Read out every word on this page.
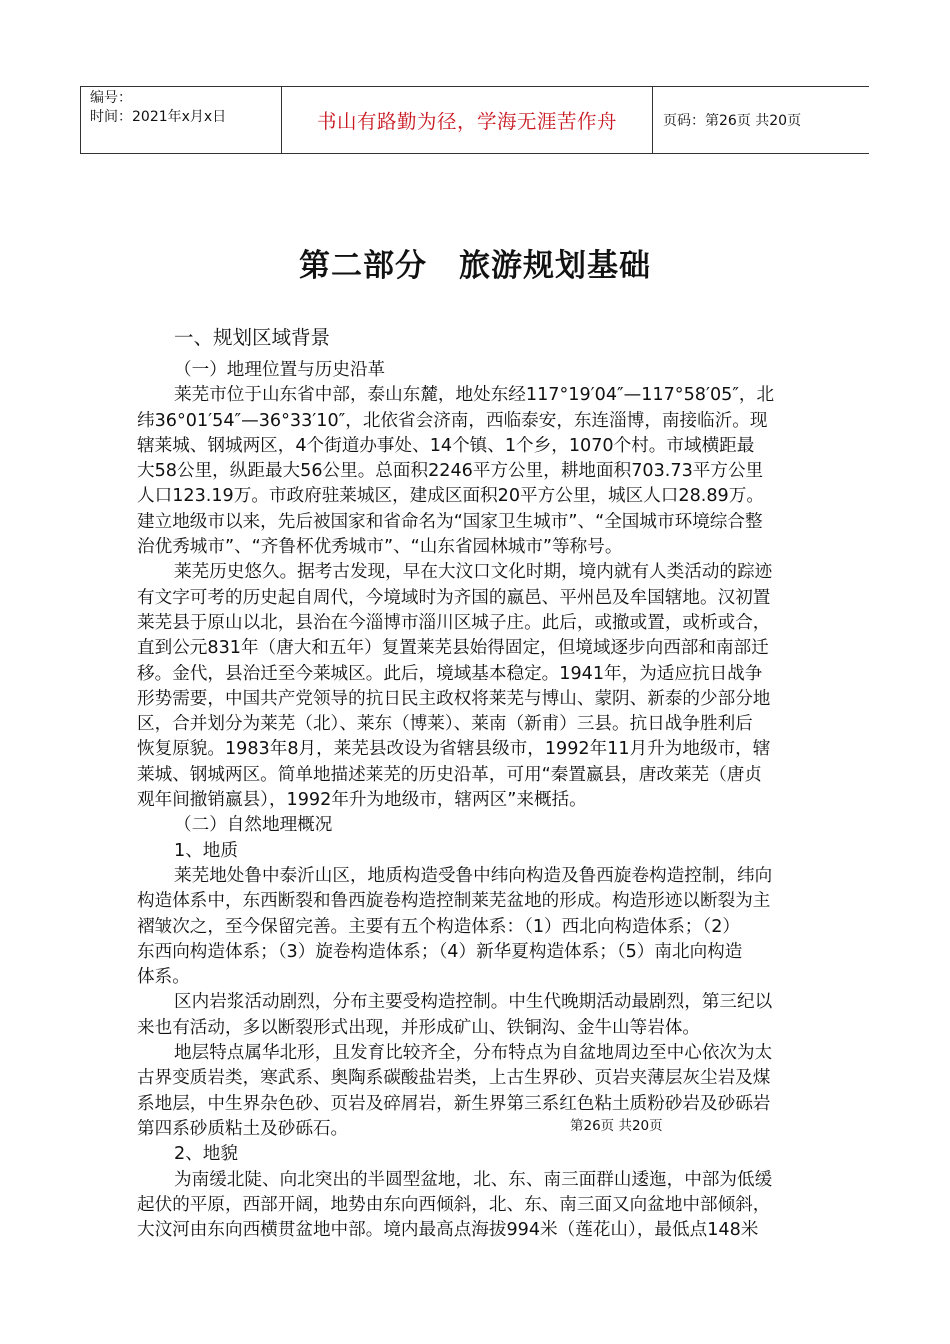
编号：
时间：2021年x月x日	书山有路勤为径，学海无涯苦作舟	页码：第26页 共20页
第二部分　旅游规划基础
一、规划区域背景

（一）地理位置与历史沿革

莱芜市位于山东省中部，泰山东麓，地处东经117°19′04″—117°58′05″，北

纬36°01′54″—36°33′10″，北依省会济南，西临泰安，东连淄博，南接临沂。现

辖莱城、钢城两区，4个街道办事处、14个镇、1个乡，1070个村。市域横距最

大58公里，纵距最大56公里。总面积2246平方公里，耕地面积703.73平方公里

人口123.19万。市政府驻莱城区，建成区面积20平方公里，城区人口28.89万。

建立地级市以来，先后被国家和省命名为“国家卫生城市”、“全国城市环境综合整

治优秀城市”、“齐鲁杯优秀城市”、“山东省园林城市”等称号。

莱芜历史悠久。据考古发现，早在大汶口文化时期，境内就有人类活动的踪迹

有文字可考的历史起自周代，今境域时为齐国的嬴邑、平州邑及牟国辖地。汉初置

莱芜县于原山以北，县治在今淄博市淄川区城子庄。此后，或撤或置，或析或合，

直到公元831年（唐大和五年）复置莱芜县始得固定，但境域逐步向西部和南部迁

移。金代，县治迁至今莱城区。此后，境域基本稳定。1941年，为适应抗日战争

形势需要，中国共产党领导的抗日民主政权将莱芜与博山、蒙阴、新泰的少部分地

区，合并划分为莱芜（北）、莱东（博莱）、莱南（新甫）三县。抗日战争胜利后

恢复原貌。1983年8月，莱芜县改设为省辖县级市，1992年11月升为地级市，辖

莱城、钢城两区。简单地描述莱芜的历史沿革，可用“秦置嬴县，唐改莱芜（唐贞

观年间撤销嬴县），1992年升为地级市，辖两区”来概括。

（二）自然地理概况

1、地质

莱芜地处鲁中泰沂山区，地质构造受鲁中纬向构造及鲁西旋卷构造控制，纬向

构造体系中，东西断裂和鲁西旋卷构造控制莱芜盆地的形成。构造形迹以断裂为主

褶皱次之，至今保留完善。主要有五个构造体系：（1）西北向构造体系；（2）

东西向构造体系；（3）旋卷构造体系；（4）新华夏构造体系；（5）南北向构造

体系。

区内岩浆活动剧烈，分布主要受构造控制。中生代晚期活动最剧烈，第三纪以

来也有活动，多以断裂形式出现，并形成矿山、铁铜沟、金牛山等岩体。

地层特点属华北形，且发育比较齐全，分布特点为自盆地周边至中心依次为太

古界变质岩类，寒武系、奥陶系碳酸盐岩类，上古生界砂、页岩夹薄层灰尘岩及煤

系地层，中生界杂色砂、页岩及碎屑岩，新生界第三系红色粘土质粉砂岩及砂砾岩

第四系砂质粘土及砂砾石。

2、地貌

为南缓北陡、向北突出的半圆型盆地，北、东、南三面群山逶迤，中部为低缓

起伏的平原，西部开阔，地势由东向西倾斜，北、东、南三面又向盆地中部倾斜，

大汶河由东向西横贯盆地中部。境内最高点海拔994米（莲花山），最低点148米

第26页 共20页
